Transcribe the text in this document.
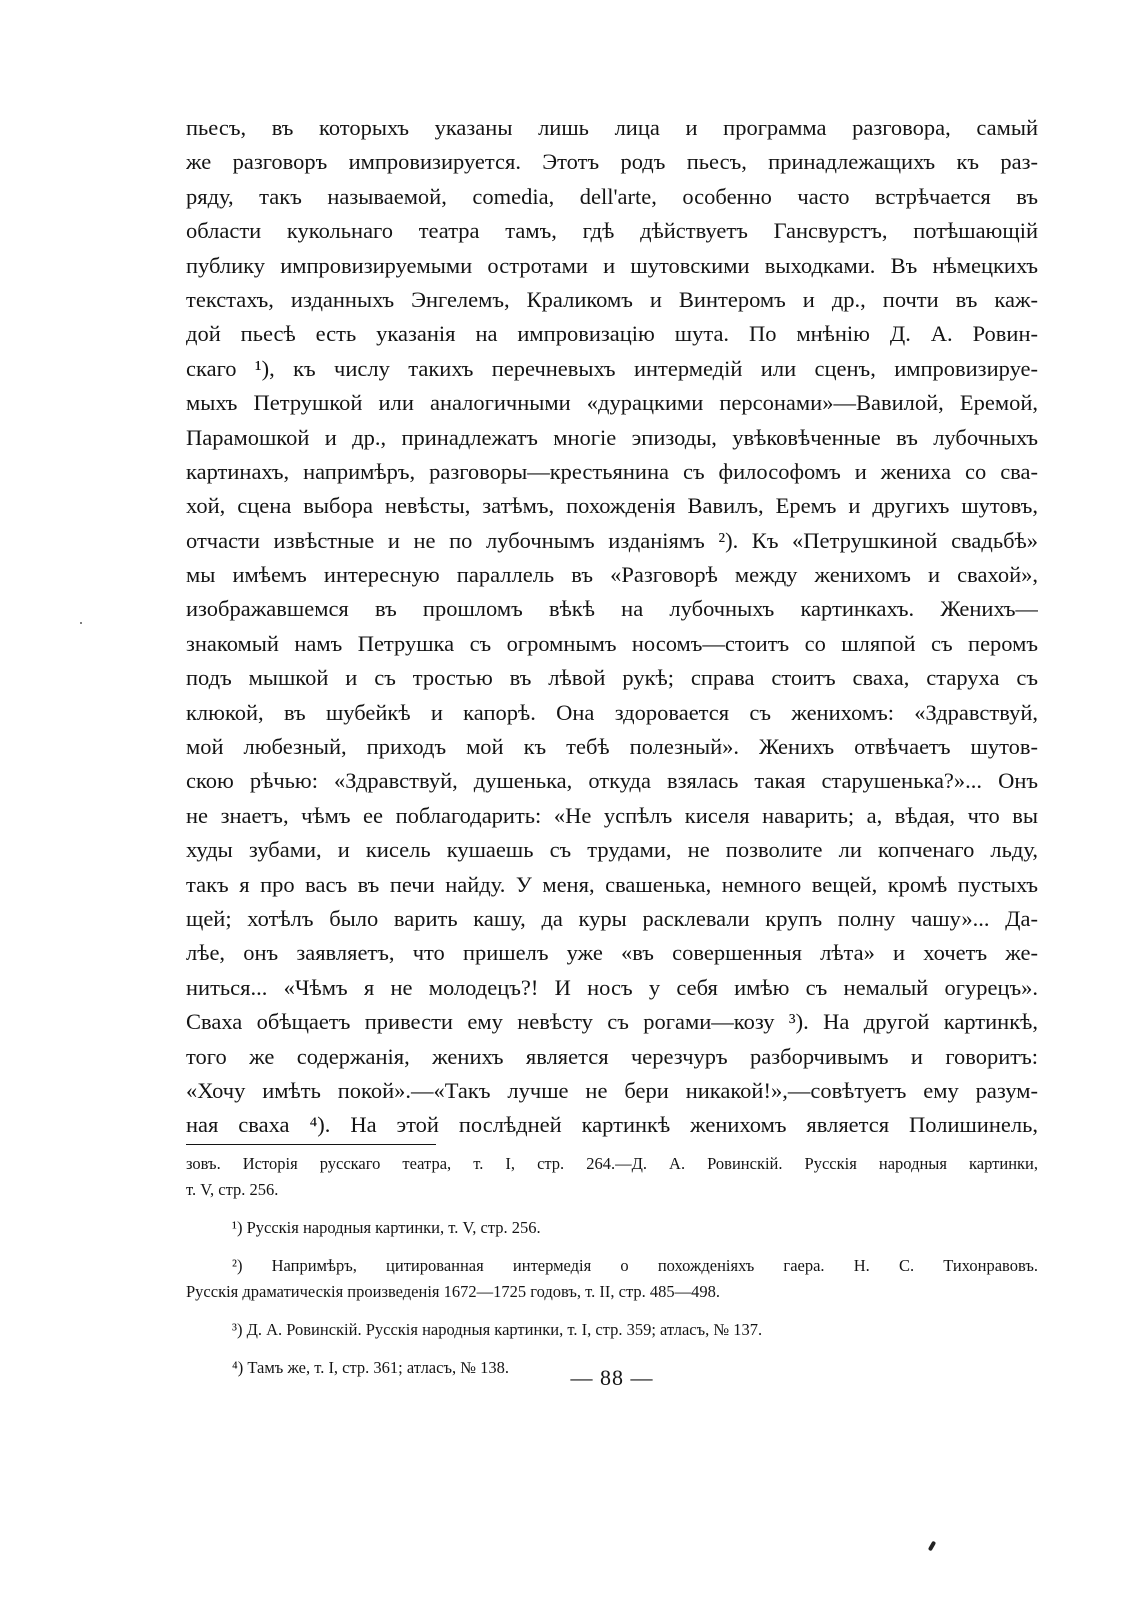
пьесъ, въ которыхъ указаны лишь лица и программа разговора, самый
же разговоръ импровизируется. Этотъ родъ пьесъ, принадлежащихъ къ раз-
ряду, такъ называемой, comedia, dell'arte, особенно часто встрѣчается въ
области кукольнаго театра тамъ, гдѣ дѣйствуетъ Гансвурстъ, потѣшающій
публику импровизируемыми остротами и шутовскими выходками. Въ нѣмецкихъ
текстахъ, изданныхъ Энгелемъ, Краликомъ и Винтеромъ и др., почти въ каж-
дой пьесѣ есть указанія на импровизацію шута. По мнѣнію Д. А. Ровин-
скаго ¹), къ числу такихъ перечневыхъ интермедій или сценъ, импровизируе-
мыхъ Петрушкой или аналогичными «дурацкими персонами»—Вавилой, Еремой,
Парамошкой и др., принадлежатъ многіе эпизоды, увѣковѣченные въ лубочныхъ
картинахъ, напримѣръ, разговоры—крестьянина съ философомъ и жениха со сва-
хой, сцена выбора невѣсты, затѣмъ, похожденія Вавилъ, Еремъ и другихъ шутовъ,
отчасти извѣстные и не по лубочнымъ изданіямъ ²). Къ «Петрушкиной свадьбѣ»
мы имѣемъ интересную параллель въ «Разговорѣ между женихомъ и свахой»,
изображавшемся въ прошломъ вѣкѣ на лубочныхъ картинкахъ. Женихъ—
знакомый намъ Петрушка съ огромнымъ носомъ—стоитъ со шляпой съ перомъ
подъ мышкой и съ тростью въ лѣвой рукѣ; справа стоитъ сваха, старуха съ
клюкой, въ шубейкѣ и капорѣ. Она здоровается съ женихомъ: «Здравствуй,
мой любезный, приходъ мой къ тебѣ полезный». Женихъ отвѣчаетъ шутов-
скою рѣчью: «Здравствуй, душенька, откуда взялась такая старушенька?»... Онъ
не знаетъ, чѣмъ ее поблагодарить: «Не успѣлъ киселя наварить; а, вѣдая, что вы
худы зубами, и кисель кушаешь съ трудами, не позволите ли копченаго льду,
такъ я про васъ въ печи найду. У меня, свашенька, немного вещей, кромѣ пустыхъ
щей; хотѣлъ было варить кашу, да куры расклевали крупъ полну чашу»... Да-
лѣе, онъ заявляетъ, что пришелъ уже «въ совершенныя лѣта» и хочетъ же-
ниться... «Чѣмъ я не молодецъ?! И носъ у себя имѣю съ немалый огурецъ».
Сваха обѣщаетъ привести ему невѣсту съ рогами—козу ³). На другой картинкѣ,
того же содержанія, женихъ является черезчуръ разборчивымъ и говоритъ:
«Хочу имѣть покой».—«Такъ лучше не бери никакой!»,—совѣтуетъ ему разум-
ная сваха ⁴). На этой послѣдней картинкѣ женихомъ является Полишинель,
зовъ. Исторія русскаго театра, т. I, стр. 264.—Д. А. Ровинскій. Русскія народныя картинки,
т. V, стр. 256.
¹) Русскія народныя картинки, т. V, стр. 256.
²) Напримѣръ, цитированная интермедія о похожденіяхъ гаера. Н. С. Тихонравовъ.
Русскія драматическія произведенія 1672—1725 годовъ, т. II, стр. 485—498.
³) Д. А. Ровинскій. Русскія народныя картинки, т. I, стр. 359; атласъ, № 137.
⁴) Тамъ же, т. I, стр. 361; атласъ, № 138.	— 88 —
